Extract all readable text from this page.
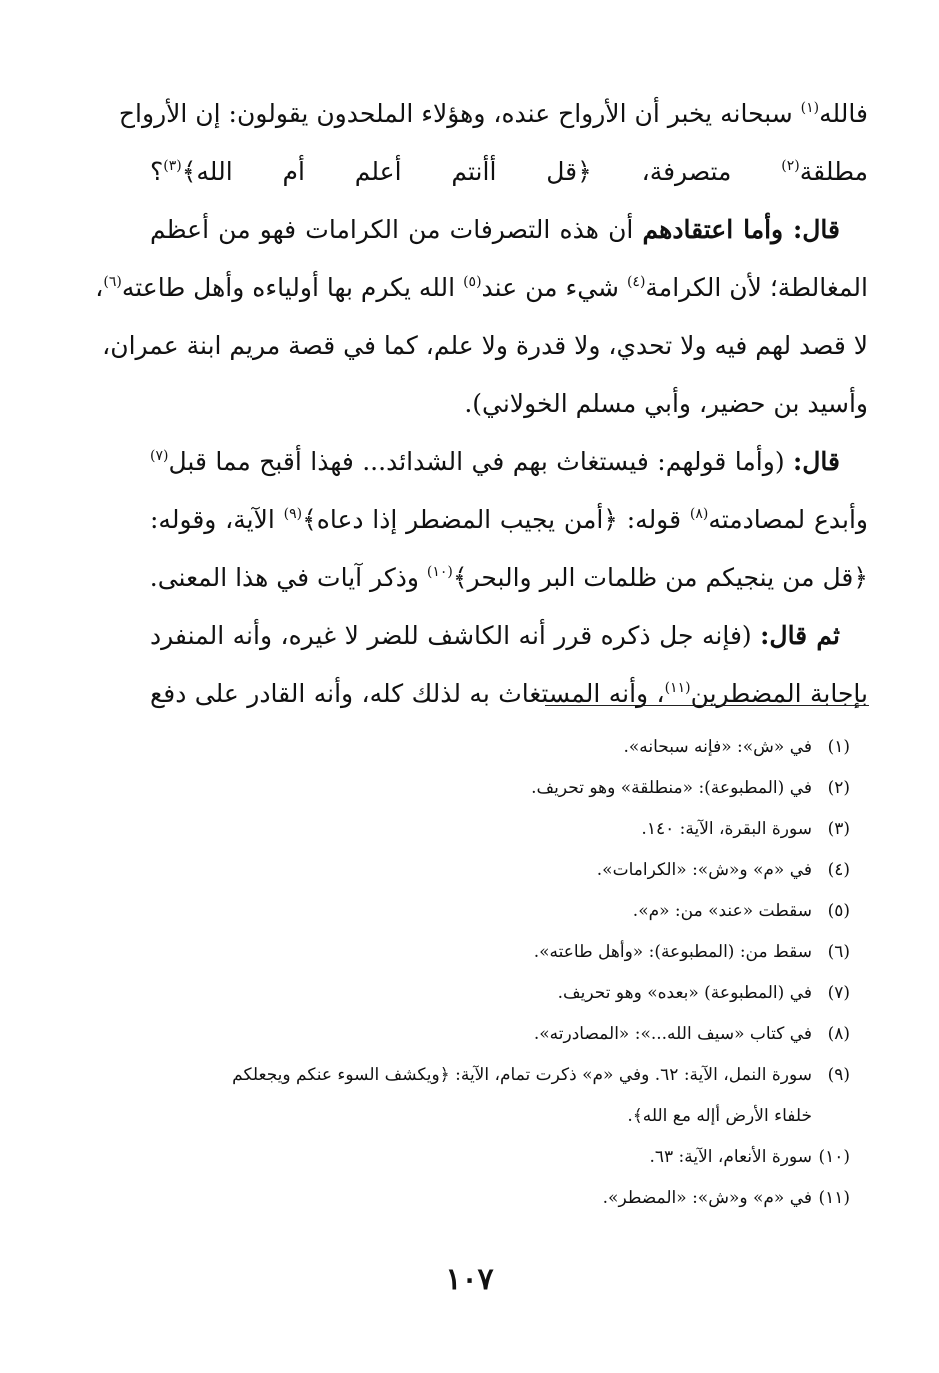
فالله$^{(١)}$ سبحانه يخبر أن الأرواح عنده، وهؤلاء الملحدون يقولون: إن الأرواح
مطلقة$^{(٢)}$ متصرفة، ﴿قل أأنتم أعلم أم الله﴾$^{(٣)}$؟
قال: وأما اعتقادهم أن هذه التصرفات من الكرامات فهو من أعظم
المغالطة؛ لأن الكرامة$^{(٤)}$ شيء من عند$^{(٥)}$ الله يكرم بها أولياءه وأهل طاعته$^{(٦)}$،
لا قصد لهم فيه ولا تحدي، ولا قدرة ولا علم، كما في قصة مريم ابنة عمران،
وأسيد بن حضير، وأبي مسلم الخولاني).
قال: (وأما قولهم: فيستغاث بهم في الشدائد... فهذا أقبح مما قبل$^{(٧)}$
وأبدع لمصادمته$^{(٨)}$ قوله: ﴿أمن يجيب المضطر إذا دعاه﴾$^{(٩)}$ الآية، وقوله:
﴿قل من ينجيكم من ظلمات البر والبحر﴾$^{(١٠)}$ وذكر آيات في هذا المعنى.
ثم قال: (فإنه جل ذكره قرر أنه الكاشف للضر لا غيره، وأنه المنفرد
بإجابة المضطرين$^{(١١)}$، وأنه المستغاث به لذلك كله، وأنه القادر على دفع
(١)
في «ش»: «فإنه سبحانه».
(٢)
في (المطبوعة): «منطلقة» وهو تحريف.
(٣)
سورة البقرة، الآية: ١٤٠.
(٤)
في «م» و«ش»: «الكرامات».
(٥)
سقطت «عند» من: «م».
(٦)
سقط من: (المطبوعة): «وأهل طاعته».
(٧)
في (المطبوعة) «بعده» وهو تحريف.
(٨)
في كتاب «سيف الله...»: «المصادرته».
(٩)
سورة النمل، الآية: ٦٢. وفي «م» ذكرت تمام، الآية: ﴿ويكشف السوء عنكم ويجعلكم
خلفاء الأرض أإله مع الله﴾.
(١٠)
سورة الأنعام، الآية: ٦٣.
(١١)
في «م» و«ش»: «المضطر».
١٠٧
